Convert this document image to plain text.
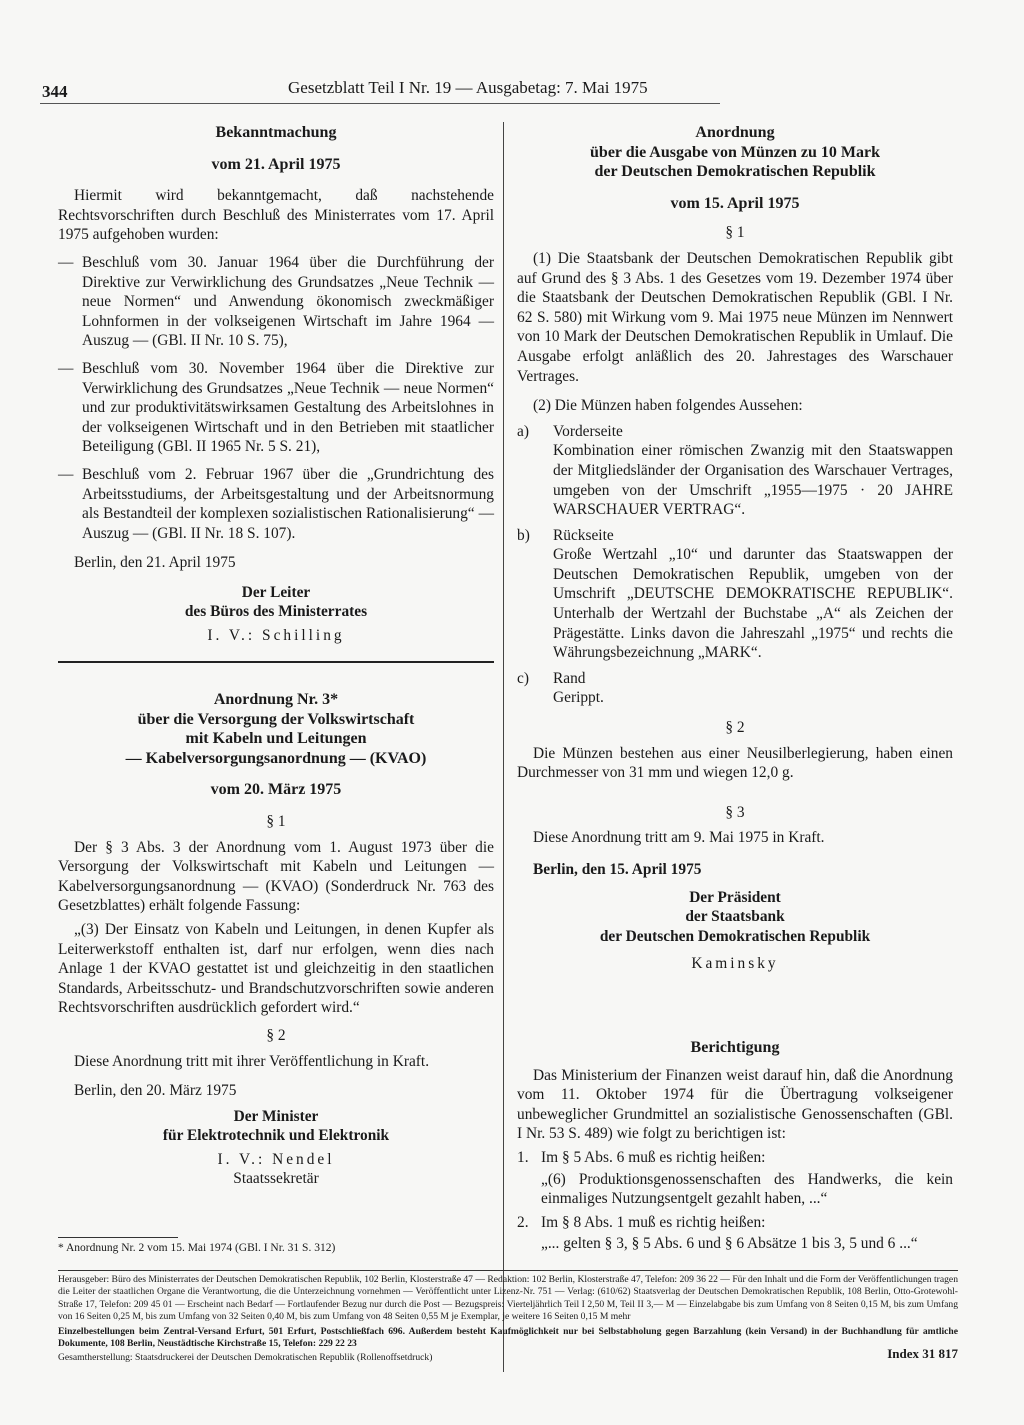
344	Gesetzblatt Teil I Nr. 19 — Ausgabetag: 7. Mai 1975
Bekanntmachung
vom 21. April 1975

Hiermit wird bekanntgemacht, daß nachstehende Rechtsvorschriften durch Beschluß des Ministerrates vom 17. April 1975 aufgehoben wurden:

— Beschluß vom 30. Januar 1964 über die Durchführung der Direktive zur Verwirklichung des Grundsatzes „Neue Technik — neue Normen“ und Anwendung ökonomisch zweckmäßiger Lohnformen in der volkseigenen Wirtschaft im Jahre 1964 — Auszug — (GBl. II Nr. 10 S. 75),
— Beschluß vom 30. November 1964 über die Direktive zur Verwirklichung des Grundsatzes „Neue Technik — neue Normen“ und zur produktivitätswirksamen Gestaltung des Arbeitslohnes in der volkseigenen Wirtschaft und in den Betrieben mit staatlicher Beteiligung (GBl. II 1965 Nr. 5 S. 21),
— Beschluß vom 2. Februar 1967 über die „Grundrichtung des Arbeitsstudiums, der Arbeitsgestaltung und der Arbeitsnormung als Bestandteil der komplexen sozialistischen Rationalisierung“ — Auszug — (GBl. II Nr. 18 S. 107).

Berlin, den 21. April 1975

Der Leiter
des Büros des Ministerrates
I. V.: Schilling
Anordnung Nr. 3*
über die Versorgung der Volkswirtschaft
mit Kabeln und Leitungen
— Kabelversorgungsanordnung — (KVAO)
vom 20. März 1975
§ 1

Der § 3 Abs. 3 der Anordnung vom 1. August 1973 über die Versorgung der Volkswirtschaft mit Kabeln und Leitungen — Kabelversorgungsanordnung — (KVAO) (Sonderdruck Nr. 763 des Gesetzblattes) erhält folgende Fassung:

„(3) Der Einsatz von Kabeln und Leitungen, in denen Kupfer als Leiterwerkstoff enthalten ist, darf nur erfolgen, wenn dies nach Anlage 1 der KVAO gestattet ist und gleichzeitig in den staatlichen Standards, Arbeitsschutz- und Brandschutzvorschriften sowie anderen Rechtsvorschriften ausdrücklich gefordert wird.“

§ 2

Diese Anordnung tritt mit ihrer Veröffentlichung in Kraft.

Berlin, den 20. März 1975

Der Minister
für Elektrotechnik und Elektronik
I. V.: Nendel
Staatssekretär
* Anordnung Nr. 2 vom 15. Mai 1974 (GBl. I Nr. 31 S. 312)
Anordnung
über die Ausgabe von Münzen zu 10 Mark
der Deutschen Demokratischen Republik
vom 15. April 1975
§ 1

(1) Die Staatsbank der Deutschen Demokratischen Republik gibt auf Grund des § 3 Abs. 1 des Gesetzes vom 19. Dezember 1974 über die Staatsbank der Deutschen Demokratischen Republik (GBl. I Nr. 62 S. 580) mit Wirkung vom 9. Mai 1975 neue Münzen im Nennwert von 10 Mark der Deutschen Demokratischen Republik in Umlauf. Die Ausgabe erfolgt anläßlich des 20. Jahrestages des Warschauer Vertrages.

(2) Die Münzen haben folgendes Aussehen:

a) Vorderseite
Kombination einer römischen Zwanzig mit den Staatswappen der Mitgliedsländer der Organisation des Warschauer Vertrages, umgeben von der Umschrift „1955—1975 · 20 JAHRE WARSCHAUER VERTRAG“.
b) Rückseite
Große Wertzahl „10“ und darunter das Staatswappen der Deutschen Demokratischen Republik, umgeben von der Umschrift „DEUTSCHE DEMOKRATISCHE REPUBLIK“. Unterhalb der Wertzahl der Buchstabe „A“ als Zeichen der Prägestätte. Links davon die Jahreszahl „1975“ und rechts die Währungsbezeichnung „MARK“.
c) Rand
Gerippt.
§ 2

Die Münzen bestehen aus einer Neusilberlegierung, haben einen Durchmesser von 31 mm und wiegen 12,0 g.

§ 3

Diese Anordnung tritt am 9. Mai 1975 in Kraft.

Berlin, den 15. April 1975

Der Präsident
der Staatsbank
der Deutschen Demokratischen Republik
Kaminsky
Berichtigung

Das Ministerium der Finanzen weist darauf hin, daß die Anordnung vom 11. Oktober 1974 für die Übertragung volkseigener unbeweglicher Grundmittel an sozialistische Genossenschaften (GBl. I Nr. 53 S. 489) wie folgt zu berichtigen ist:

1. Im § 5 Abs. 6 muß es richtig heißen:
„(6) Produktionsgenossenschaften des Handwerks, die kein einmaliges Nutzungsentgelt gezahlt haben, ...“
2. Im § 8 Abs. 1 muß es richtig heißen:
„... gelten § 3, § 5 Abs. 6 und § 6 Absätze 1 bis 3, 5 und 6 ...“
Herausgeber: Büro des Ministerrates der Deutschen Demokratischen Republik, 102 Berlin, Klosterstraße 47 — Redaktion: 102 Berlin, Klosterstraße 47, Telefon: 209 36 22 — Für den Inhalt und die Form der Veröffentlichungen tragen die Leiter der staatlichen Organe die Verantwortung, die die Unterzeichnung vornehmen — Veröffentlicht unter Lizenz-Nr. 751 — Verlag: (610/62) Staatsverlag der Deutschen Demokratischen Republik, 108 Berlin, Otto-Grotewohl-Straße 17, Telefon: 209 45 01 — Erscheint nach Bedarf — Fortlaufender Bezug nur durch die Post — Bezugspreis: Vierteljährlich Teil I 2,50 M, Teil II 3,— M — Einzelabgabe bis zum Umfang von 8 Seiten 0,15 M, bis zum Umfang von 16 Seiten 0,25 M, bis zum Umfang von 32 Seiten 0,40 M, bis zum Umfang von 48 Seiten 0,55 M je Exemplar, je weitere 16 Seiten 0,15 M mehr
Einzelbestellungen beim Zentral-Versand Erfurt, 501 Erfurt, Postschließfach 696. Außerdem besteht Kaufmöglichkeit nur bei Selbstabholung gegen Barzahlung (kein Versand) in der Buchhandlung für amtliche Dokumente, 108 Berlin, Neustädtische Kirchstraße 15, Telefon: 229 22 23
Gesamtherstellung: Staatsdruckerei der Deutschen Demokratischen Republik (Rollenoffsetdruck)	Index 31 817
